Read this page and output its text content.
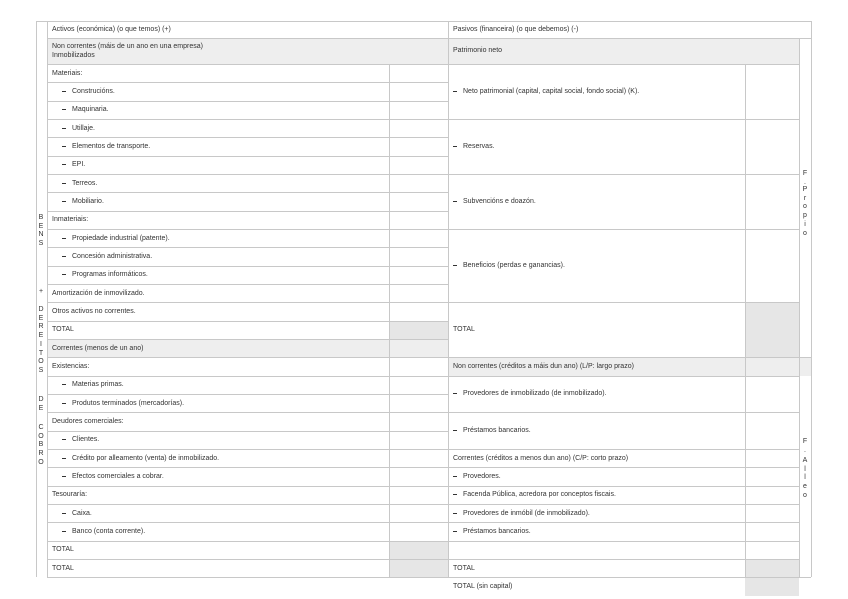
Activos (económica) (o que temos) (+)	Pasivos (financeira) (o que debemos) (-)
Non correntes (máis de un ano en una empresa)
Inmobilizados
Patrimonio neto
Materiais:
Construcións.
Maquinaria.
Utillaje.
Elementos de transporte.
EPI.
Terreos.
Mobiliario.
Inmateriais:
Propiedade industrial (patente).
Concesión administrativa.
Programas informáticos.
Amortización de inmovilizado.
Otros activos no correntes.
TOTAL
Correntes (menos de un ano)
Existencias:
Materias primas.
Produtos terminados (mercadorías).
Deudores comerciales:
Clientes.
Crédito por alleamento (venta) de inmobilizado.
Efectos comerciales a cobrar.
Tesouraría:
Caixa.
Banco (conta corrente).
TOTAL
TOTAL
Neto patrimonial (capital, capital social, fondo social) (K).
Reservas.
Subvencións e doazón.
Beneficios (perdas e ganancias).
TOTAL
Non correntes (créditos a máis dun ano) (L/P: largo prazo)
Provedores de inmobilizado (de inmobilizado).
Préstamos bancarios.
Correntes (créditos a menos dun ano) (C/P: corto prazo)
Provedores.
Facenda Pública, acredora por conceptos fiscais.
Provedores de inmóbil (de inmobilizado).
Préstamos bancarios.
TOTAL
TOTAL (sin capital)
B
E
N
S
+
D
E
R
E
I
T
O
S
D
E
C
O
B
R
O
F
.
P
r
o
p
i
o
F
.
A
l
l
e
o
